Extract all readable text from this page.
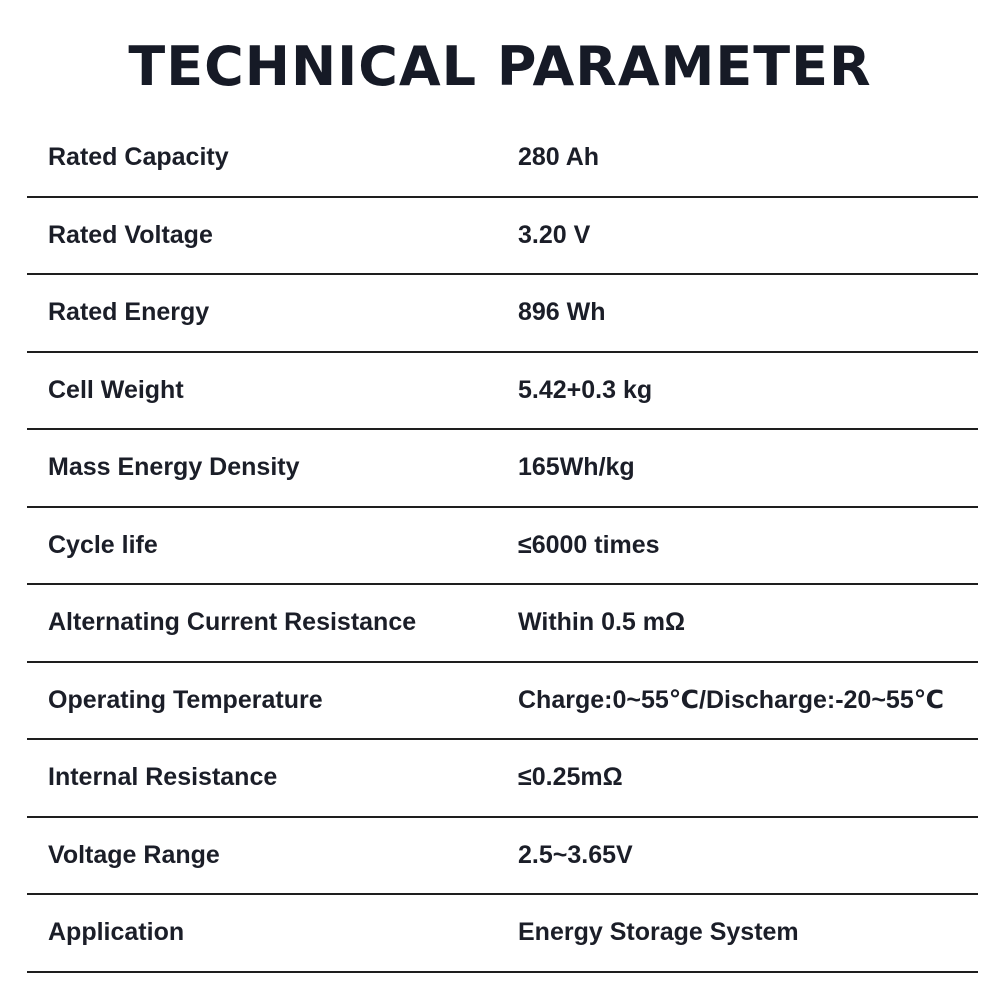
TECHNICAL PARAMETER
Rated Capacity	280 Ah
Rated Voltage	3.20 V
Rated Energy	896 Wh
Cell Weight	5.42+0.3 kg
Mass Energy Density	165Wh/kg
Cycle life	≤6000 times
Alternating Current Resistance	Within 0.5 mΩ
Operating Temperature	Charge:0~55℃/Discharge:-20~55℃
Internal Resistance	≤0.25mΩ
Voltage Range	2.5~3.65V
Application	Energy Storage System
